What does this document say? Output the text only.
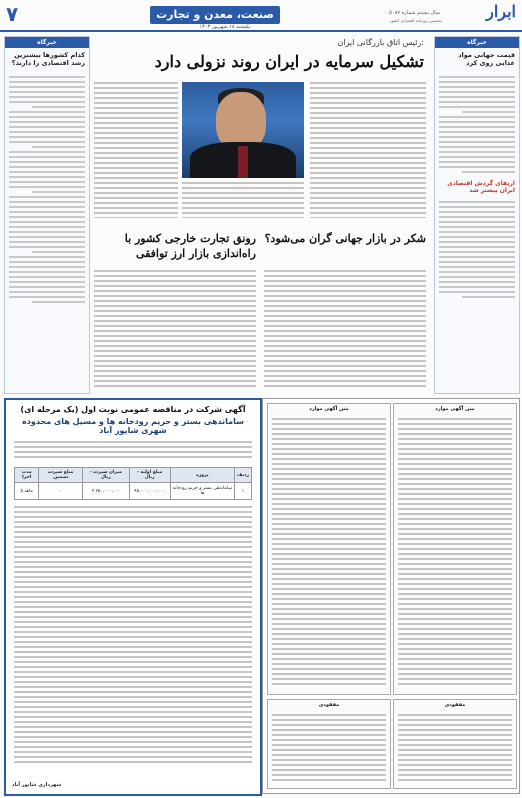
۷	صنعت، معدن و تجارت
یکشنبه ۱۸ شهریور ۱۴۰۳
سال بیستم شماره ۵۰۸۷
نخستین روزنامه اقتصادی کشور	ابرار
خبرگاه
کدام کشورها بیشترین رشد اقتصادی را دارند؟
خبرگاه
قیمت جهانی مواد غذایی روی کرد
ارتقای گردش اقتصادی ایران بیشتر شد
رئیس اتاق بازرگانی ایران:
تشکیل سرمایه در ایران روند نزولی دارد
رونق تجارت خارجی کشور با راه‌اندازی بازار ارز توافقی
شکر در بازار جهانی گران می‌شود؟
آگهی شرکت در مناقصه عمومی نوبت اول (یک مرحله ای)
ساماندهی بستر و حریم رودخانه ها و مسیل های محدوده شهری شاپور آباد
مدت اجرا	مبلغ سپرده تضمین	میزان سپرده - ریال	مبلغ اولیه - ریال	پروژه	ردیف
۵ ماهه	-	۲,۲۵۰,۰۰۰,۰۰۰	۴۵,۰۰۰,۰۰۰,۰۰۰	ساماندهی بستر و حریم رودخانه ها	۱
شهرداری شاپور آباد
متن آگهی موارد
متن آگهی موارد
مفقودی
مفقودی
